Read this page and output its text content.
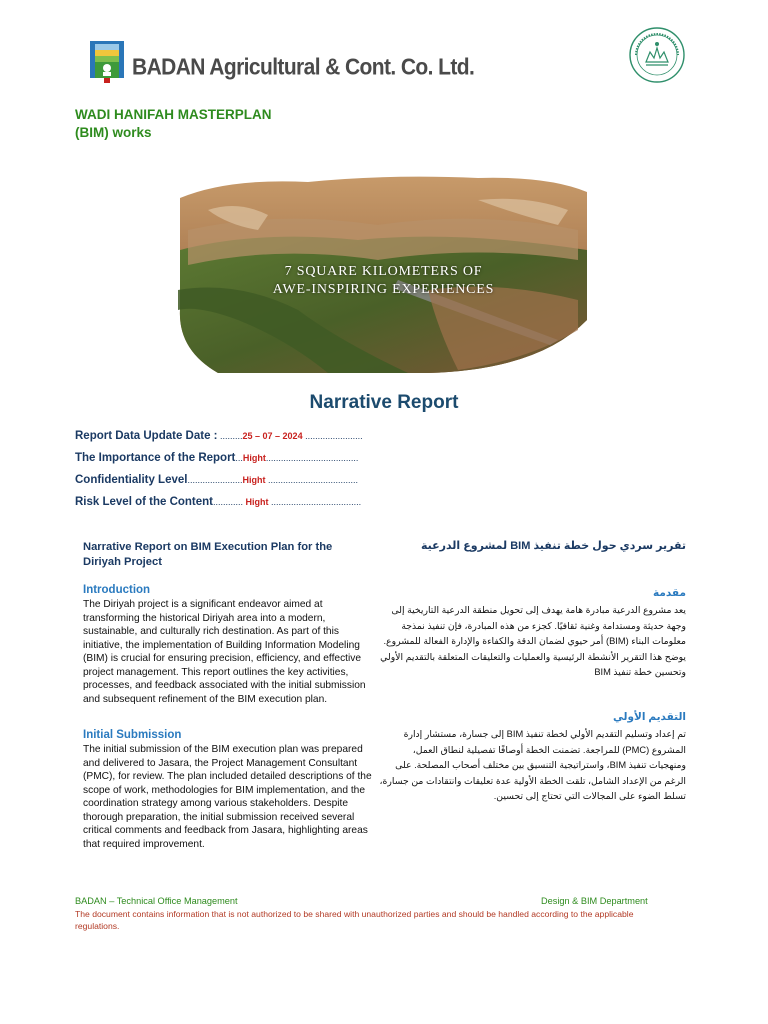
BADAN Agricultural & Cont. Co. Ltd.
WADI HANIFAH MASTERPLAN
(BIM) works
7 SQUARE KILOMETERS OF
AWE-INSPIRING EXPERIENCES
Narrative Report
Report Data Update Date : .........25 – 07 – 2024 .......................
The Importance of the Report...Hight.....................................
Confidentiality Level......................Hight ....................................
Risk Level of the Content............ Hight ....................................
Narrative Report on BIM Execution Plan for the Diriyah Project
Introduction
The Diriyah project is a significant endeavor aimed at transforming the historical Diriyah area into a modern, sustainable, and culturally rich destination. As part of this initiative, the implementation of Building Information Modeling (BIM) is crucial for ensuring precision, efficiency, and effective project management. This report outlines the key activities, processes, and feedback associated with the initial submission and subsequent refinement of the BIM execution plan.
Initial Submission
The initial submission of the BIM execution plan was prepared and delivered to Jasara, the Project Management Consultant (PMC), for review. The plan included detailed descriptions of the scope of work, methodologies for BIM implementation, and the coordination strategy among various stakeholders. Despite thorough preparation, the initial submission received several critical comments and feedback from Jasara, highlighting areas that required improvement.
تقرير سردي حول خطة تنفيذ BIM لمشروع الدرعية
مقدمة
يعد مشروع الدرعية مبادرة هامة يهدف إلى تحويل منطقة الدرعية التاريخية إلى وجهة حديثة ومستدامة وغنية ثقافيًا. كجزء من هذه المبادرة، فإن تنفيذ نمذجة معلومات البناء (BIM) أمر حيوي لضمان الدقة والكفاءة والإدارة الفعالة للمشروع. يوضح هذا التقرير الأنشطة الرئيسية والعمليات والتعليقات المتعلقة بالتقديم الأولي وتحسين خطة تنفيذ BIM
التقديم الأولي
تم إعداد وتسليم التقديم الأولي لخطة تنفيذ BIM إلى جسارة، مستشار إدارة المشروع (PMC) للمراجعة. تضمنت الخطة أوصافًا تفصيلية لنطاق العمل، ومنهجيات تنفيذ BIM، واستراتيجية التنسيق بين مختلف أصحاب المصلحة. على الرغم من الإعداد الشامل، تلقت الخطة الأولية عدة تعليقات وانتقادات من جسارة، تسلط الضوء على المجالات التي تحتاج إلى تحسين.
BADAN – Technical Office Management	Design & BIM Department
The document contains information that is not authorized to be shared with unauthorized parties and should be handled according to the applicable regulations.
